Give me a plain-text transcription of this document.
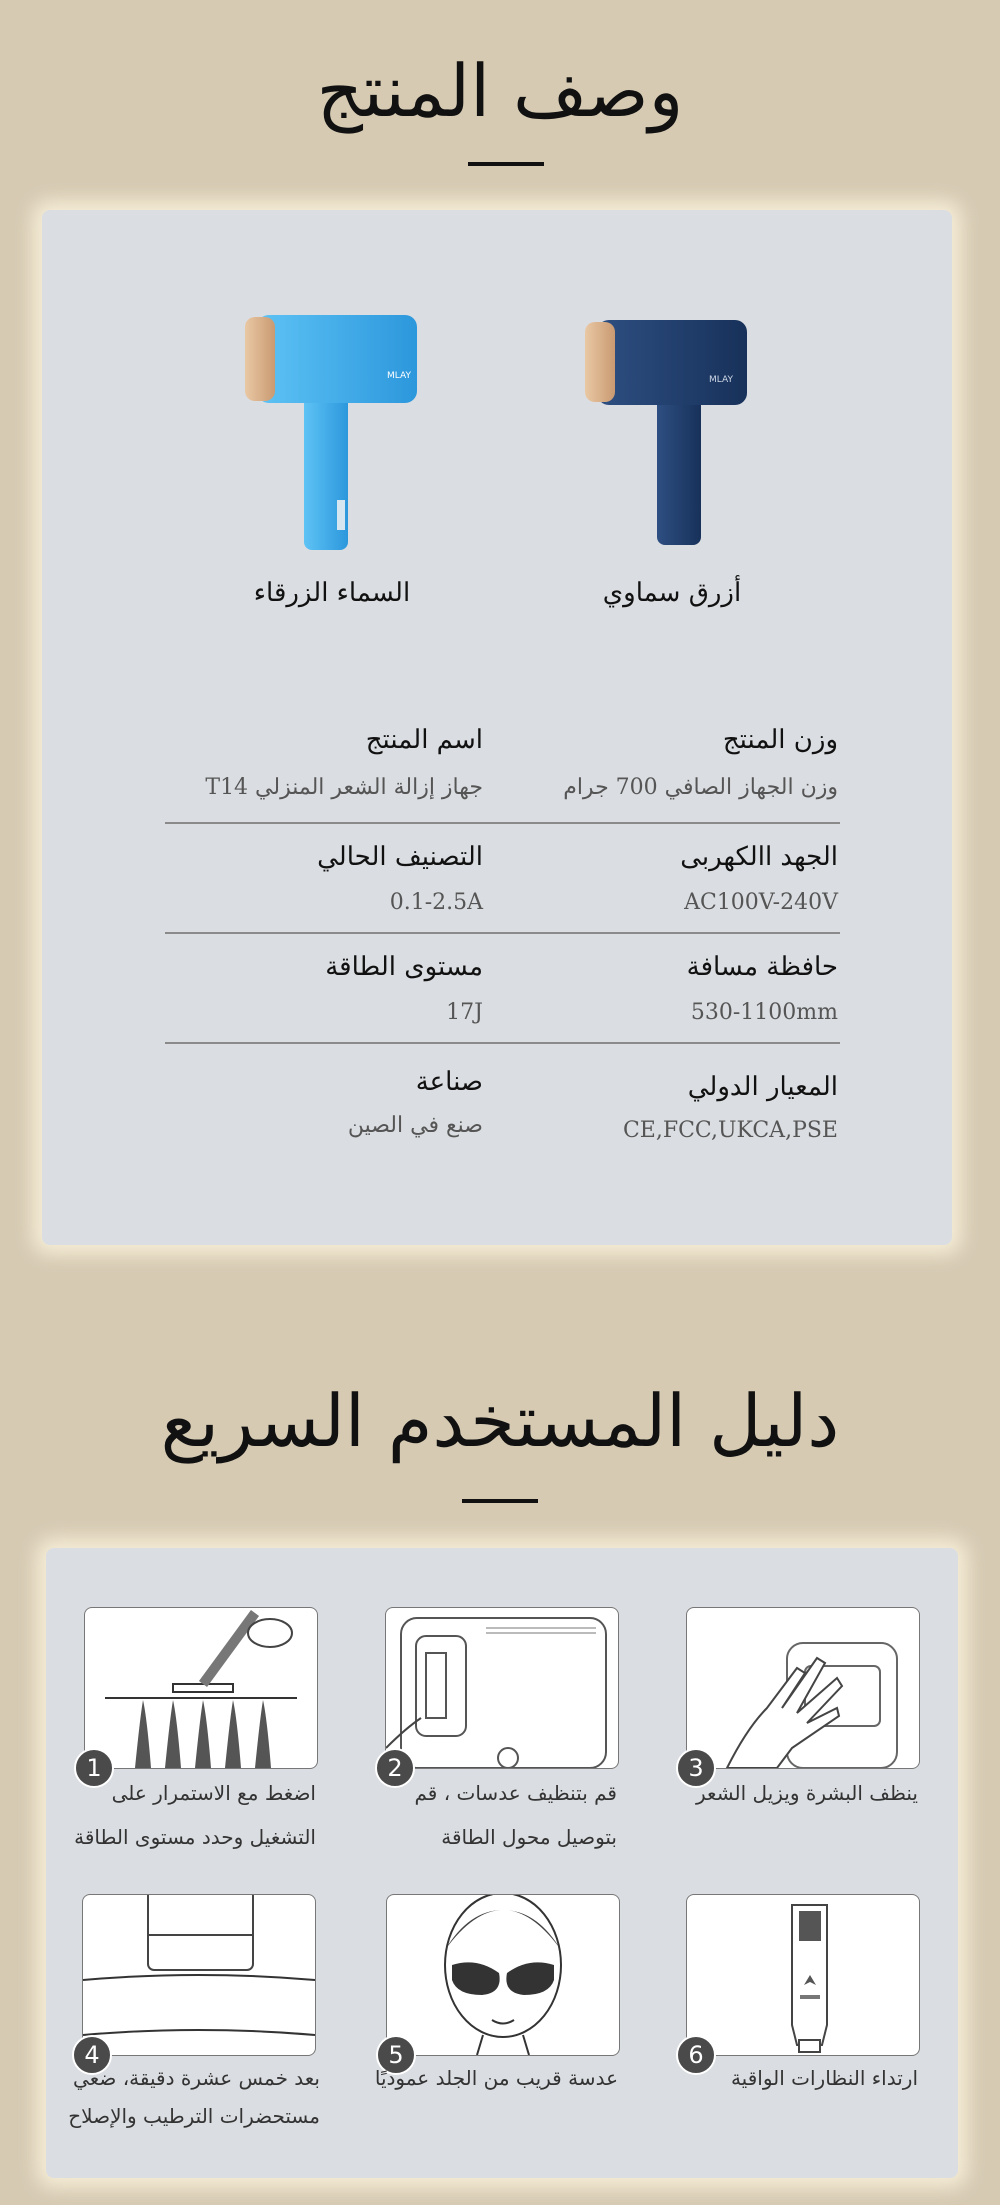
وصف المنتج
MLAY
السماء الزرقاء
MLAY
أزرق سماوي
اسم المنتج
جهاز إزالة الشعر المنزلي T14
وزن المنتج
وزن الجهاز الصافي 700 جرام
التصنيف الحالي
0.1-2.5A
الجهد االكهربى
AC100V-240V
مستوى الطاقة
17J
حافظة مسافة
530-1100mm
صناعة
صنع في الصين
المعيار الدولي
CE,FCC,UKCA,PSE
دليل المستخدم السريع
1
اضغط مع الاستمرار على التشغيل وحدد مستوى الطاقة
2
قم بتنظيف عدسات ، قم بتوصيل محول الطاقة
3
ينظف البشرة ويزيل الشعر
4
بعد خمس عشرة دقيقة، ضعي مستحضرات الترطيب والإصلاح
5
عدسة قريب من الجلد عموديًا
6
ارتداء النظارات الواقية
